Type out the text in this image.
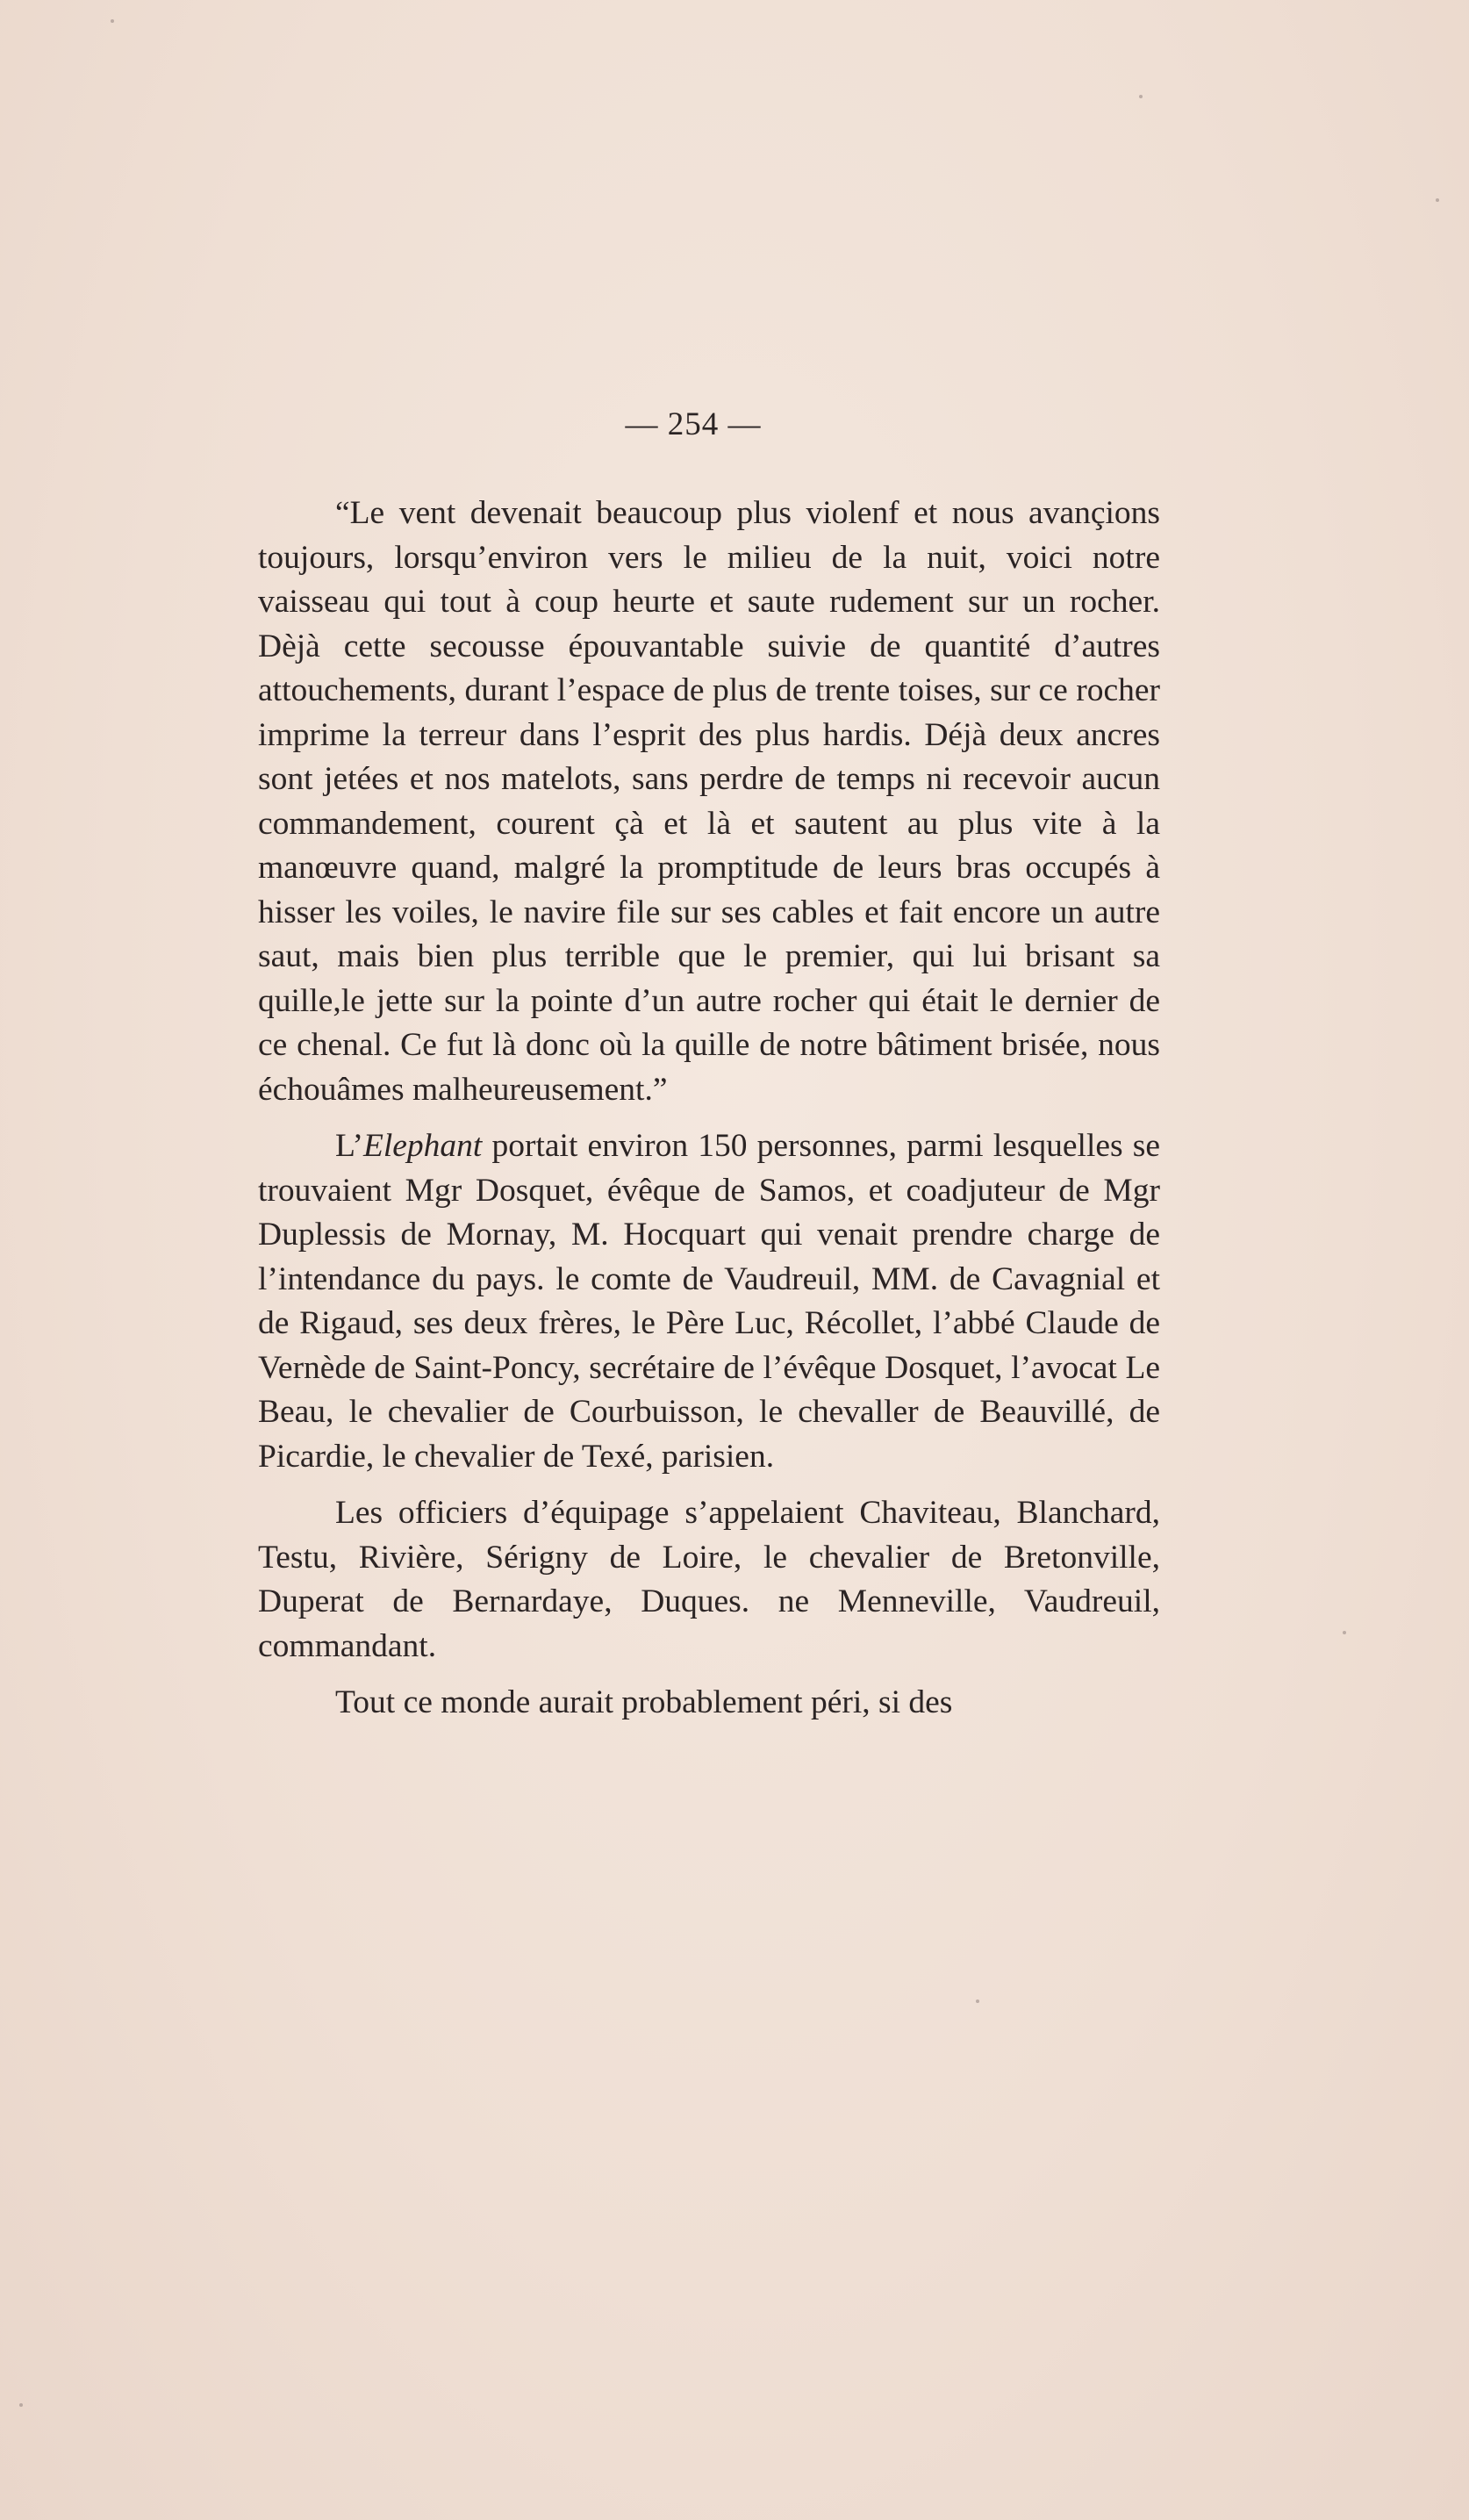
— 254 —

“Le vent devenait beaucoup plus violenf et nous avançions toujours, lorsqu’environ vers le milieu de la nuit, voici notre vaisseau qui tout à coup heurte et saute rudement sur un rocher. Dèjà cette secousse épouvantable suivie de quantité d’autres attouchements, durant l’espace de plus de trente toises, sur ce rocher imprime la terreur dans l’esprit des plus hardis. Déjà deux ancres sont jetées et nos matelots, sans perdre de temps ni recevoir aucun commandement, courent çà et là et sautent au plus vite à la manœuvre quand, malgré la promptitude de leurs bras occupés à hisser les voiles, le navire file sur ses cables et fait encore un autre saut, mais bien plus terrible que le premier, qui lui brisant sa quille,le jette sur la pointe d’un autre rocher qui était le dernier de ce chenal. Ce fut là donc où la quille de notre bâtiment brisée, nous échouâmes malheureusement.”

L’Elephant portait environ 150 personnes, parmi lesquelles se trouvaient Mgr Dosquet, évêque de Samos, et coadjuteur de Mgr Duplessis de Mornay, M. Hocquart qui venait prendre charge de l’intendance du pays. le comte de Vaudreuil, MM. de Cavagnial et de Rigaud, ses deux frères, le Père Luc, Récollet, l’abbé Claude de Vernède de Saint-Poncy, secrétaire de l’évêque Dosquet, l’avocat Le Beau, le chevalier de Courbuisson, le chevaller de Beauvillé, de Picardie, le chevalier de Texé, parisien.

Les officiers d’équipage s’appelaient Chaviteau, Blanchard, Testu, Rivière, Sérigny de Loire, le chevalier de Bretonville, Duperat de Bernardaye, Duques. ne Menneville, Vaudreuil, commandant.

Tout ce monde aurait probablement péri, si des
